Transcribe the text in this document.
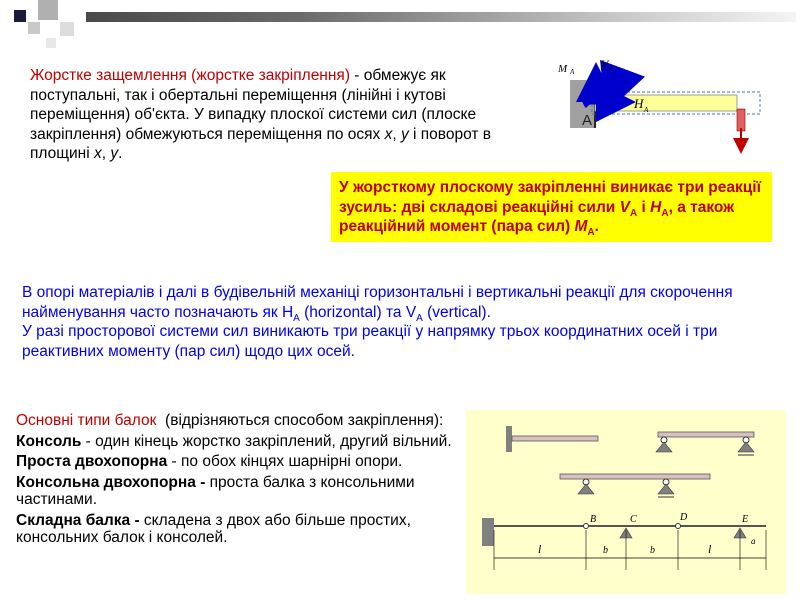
Жорстке защемлення (жорстке закріплення) - обмежує як поступальні, так і обертальні переміщення (лінійні і кутові переміщення) об'єкта. У випадку плоскої системи сил (плоске закріплення) обмежуються переміщення по осях х, у і поворот в площині х, у.
M A
V A
H A
A
У жорсткому плоскому закріпленні виникає три реакції зусиль: дві складові реакційні сили $V_A$ і $H_A$, а також реакційний момент (пара сил) $M_A$.
В опорі матеріалів і далі в будівельній механіці горизонтальні і вертикальні реакції для скорочення найменування часто позначають як $H_A$ (horizontal) та $V_A$ (vertical).
У разі просторової системи сил виникають три реакції у напрямку трьох координатних осей і три реактивних моменту (пар сил) щодо цих осей.
Основні типи балок (відрізняються способом закріплення):
Консоль - один кінець жорстко закріплений, другий вільний.
Проста двохопорна - по обох кінцях шарнірні опори.
Консольна двохопорна - проста балка з консольними частинами.
Складна балка - складена з двох або більше простих, консольних балок і консолей.
B	C	D	E
l	b	b	l
a
